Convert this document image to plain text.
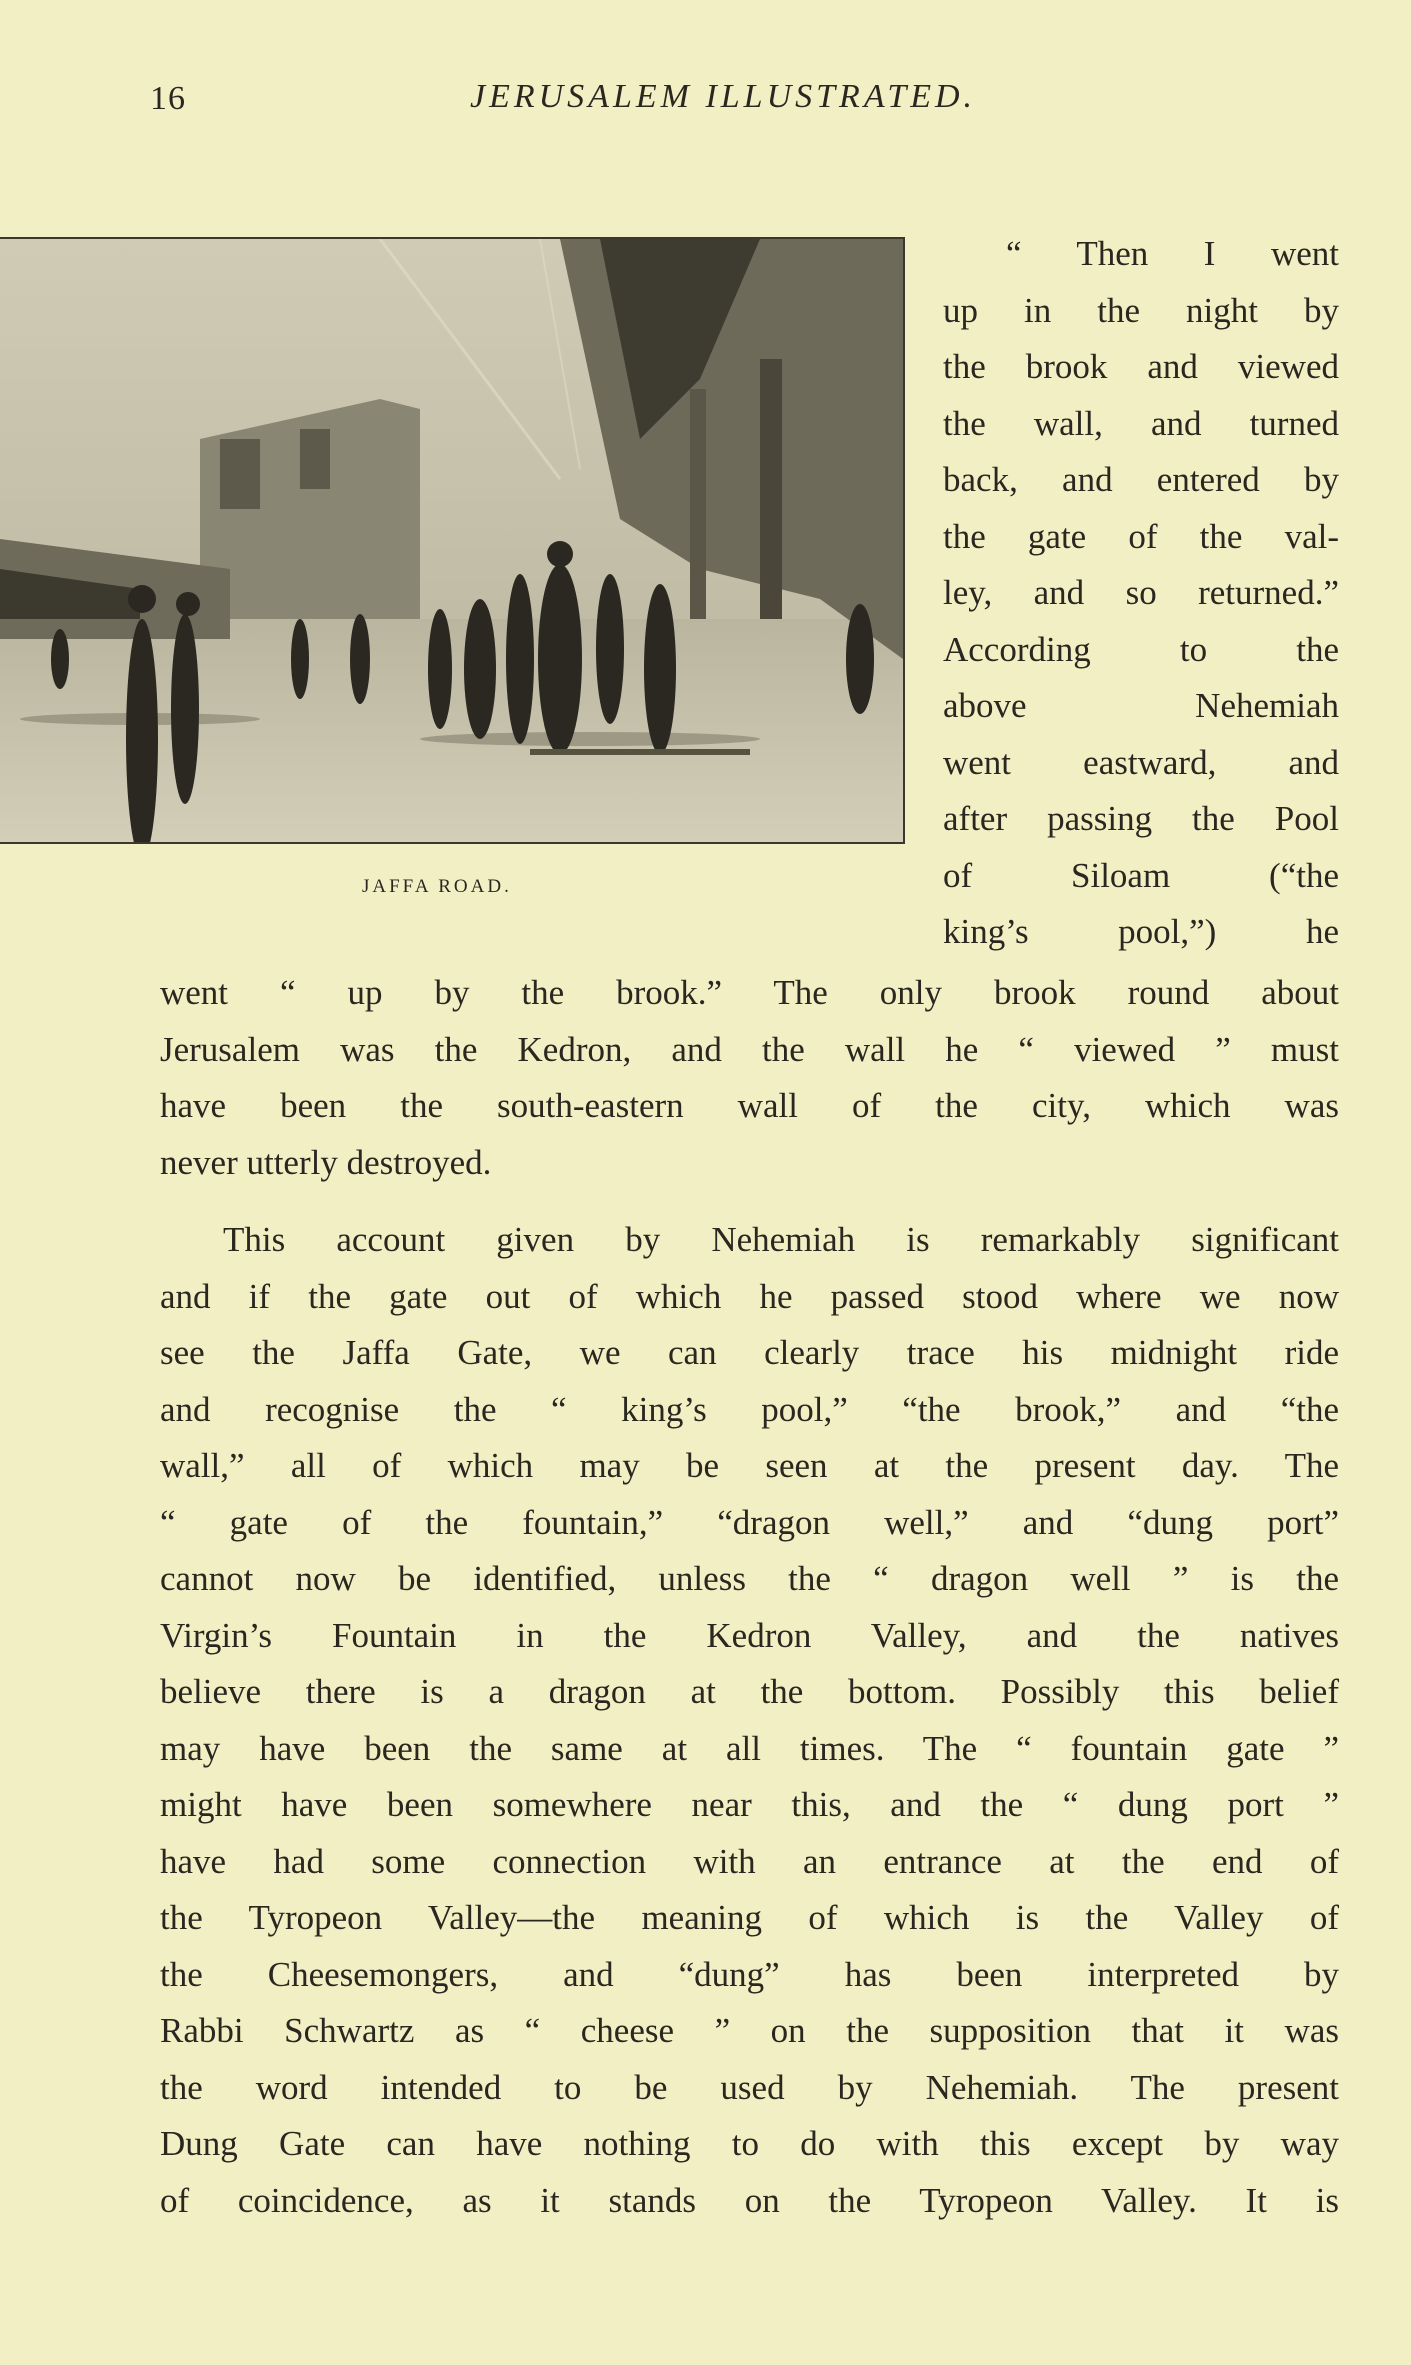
16	JERUSALEM ILLUSTRATED.
JAFFA ROAD.
“ Then I went
up in the night by
the brook and viewed
the wall, and turned
back, and entered by
the gate of the val-
ley, and so returned.”
According to the
above Nehemiah
went eastward, and
after passing the Pool
of Siloam (“the
king’s pool,”) he
went “ up by the brook.” The only brook round about
Jerusalem was the Kedron, and the wall he “ viewed ” must
have been the south-eastern wall of the city, which was
never utterly destroyed.
This account given by Nehemiah is remarkably significant
and if the gate out of which he passed stood where we now
see the Jaffa Gate, we can clearly trace his midnight ride
and recognise the “ king’s pool,” “the brook,” and “the
wall,” all of which may be seen at the present day. The
“ gate of the fountain,” “dragon well,” and “dung port”
cannot now be identified, unless the “ dragon well ” is the
Virgin’s Fountain in the Kedron Valley, and the natives
believe there is a dragon at the bottom. Possibly this belief
may have been the same at all times. The “ fountain gate ”
might have been somewhere near this, and the “ dung port ”
have had some connection with an entrance at the end of
the Tyropeon Valley—the meaning of which is the Valley of
the Cheesemongers, and “dung” has been interpreted by
Rabbi Schwartz as “ cheese ” on the supposition that it was
the word intended to be used by Nehemiah. The present
Dung Gate can have nothing to do with this except by way
of coincidence, as it stands on the Tyropeon Valley. It is
